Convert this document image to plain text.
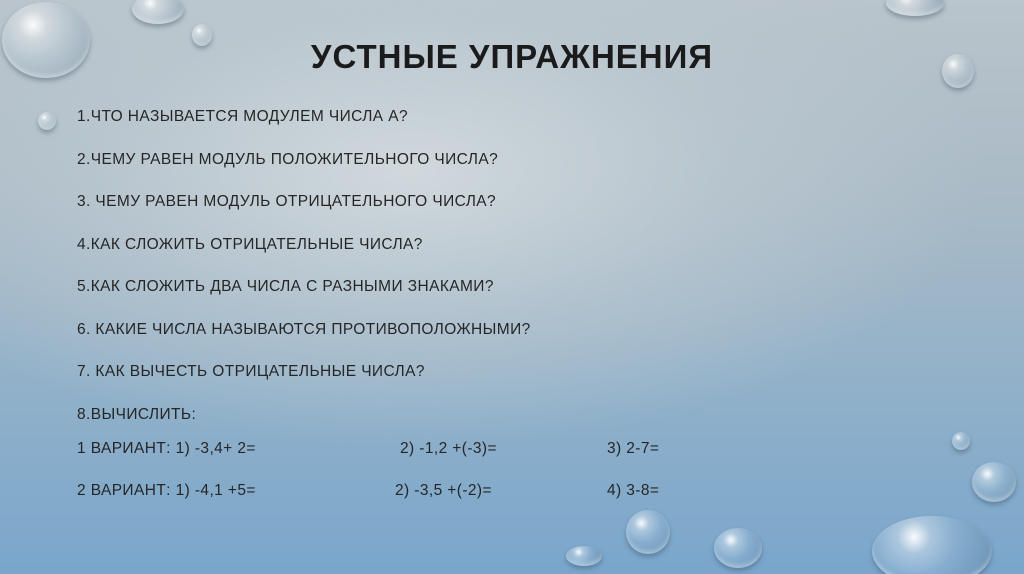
УСТНЫЕ УПРАЖНЕНИЯ
1.ЧТО НАЗЫВАЕТСЯ МОДУЛЕМ ЧИСЛА А?
2.ЧЕМУ РАВЕН МОДУЛЬ ПОЛОЖИТЕЛЬНОГО ЧИСЛА?
3. ЧЕМУ РАВЕН МОДУЛЬ ОТРИЦАТЕЛЬНОГО ЧИСЛА?
4.КАК СЛОЖИТЬ ОТРИЦАТЕЛЬНЫЕ ЧИСЛА?
5.КАК СЛОЖИТЬ ДВА ЧИСЛА С РАЗНЫМИ ЗНАКАМИ?
6. КАКИЕ ЧИСЛА НАЗЫВАЮТСЯ ПРОТИВОПОЛОЖНЫМИ?
7. КАК ВЫЧЕСТЬ ОТРИЦАТЕЛЬНЫЕ ЧИСЛА?
8.ВЫЧИСЛИТЬ:
1 ВАРИАНТ: 1) -3,4+ 2=	2) -1,2 +(-3)=	3) 2-7=
2 ВАРИАНТ: 1) -4,1 +5=	2) -3,5 +(-2)=	4) 3-8=
